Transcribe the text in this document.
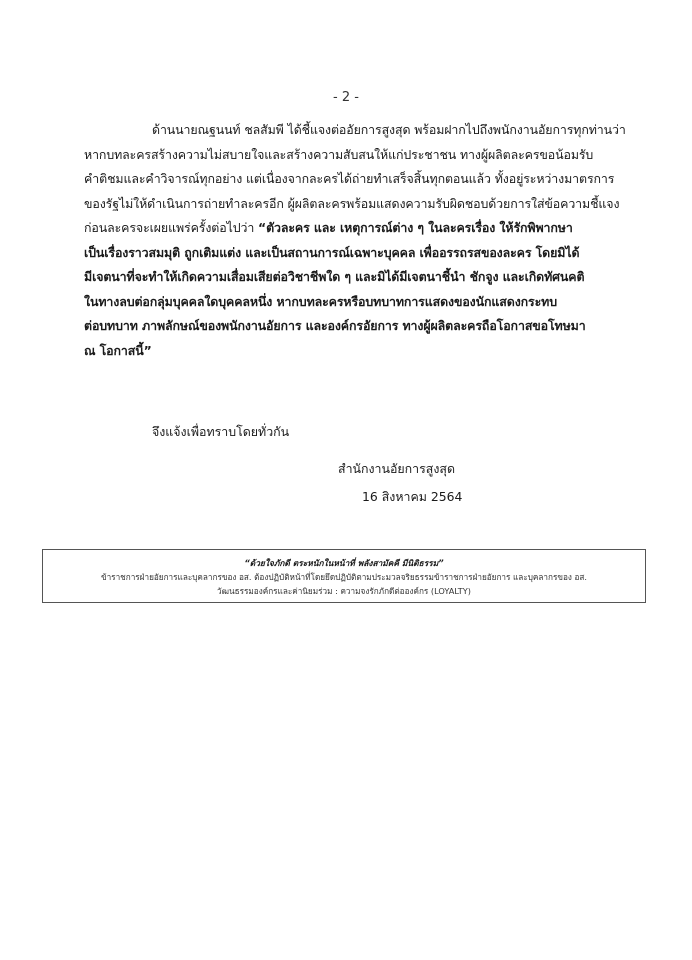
- 2 -
ด้านนายณฐนนท์ ชลสัมพี ได้ชี้แจงต่ออัยการสูงสุด พร้อมฝากไปถึงพนักงานอัยการทุกท่านว่า
หากบทละครสร้างความไม่สบายใจและสร้างความสับสนให้แก่ประชาชน ทางผู้ผลิตละครขอน้อมรับ
คำติชมและคำวิจารณ์ทุกอย่าง แต่เนื่องจากละครได้ถ่ายทำเสร็จสิ้นทุกตอนแล้ว ทั้งอยู่ระหว่างมาตรการ
ของรัฐไม่ให้ดำเนินการถ่ายทำละครอีก ผู้ผลิตละครพร้อมแสดงความรับผิดชอบด้วยการใส่ข้อความชี้แจง
ก่อนละครจะเผยแพร่ครั้งต่อไปว่า “ตัวละคร และ เหตุการณ์ต่าง ๆ ในละครเรื่อง ให้รักพิพากษา
เป็นเรื่องราวสมมุติ ถูกเติมแต่ง และเป็นสถานการณ์เฉพาะบุคคล เพื่ออรรถรสของละคร โดยมิได้
มีเจตนาที่จะทำให้เกิดความเสื่อมเสียต่อวิชาชีพใด ๆ และมิได้มีเจตนาชี้นำ ชักจูง และเกิดทัศนคติ
ในทางลบต่อกลุ่มบุคคลใดบุคคลหนึ่ง หากบทละครหรือบทบาทการแสดงของนักแสดงกระทบ
ต่อบทบาท ภาพลักษณ์ของพนักงานอัยการ และองค์กรอัยการ ทางผู้ผลิตละครถือโอกาสขอโทษมา
ณ โอกาสนี้”
จึงแจ้งเพื่อทราบโดยทั่วกัน
สำนักงานอัยการสูงสุด
16 สิงหาคม 2564
“ด้วยใจภักดี ตระหนักในหน้าที่ พลังสามัคคี มีนิติธรรม”
ข้าราชการฝ่ายอัยการและบุคลากรของ อส. ต้องปฏิบัติหน้าที่โดยยึดปฏิบัติตามประมวลจริยธรรมข้าราชการฝ่ายอัยการ และบุคลากรของ อส.
วัฒนธรรมองค์กรและค่านิยมร่วม : ความจงรักภักดีต่อองค์กร (LOYALTY)
